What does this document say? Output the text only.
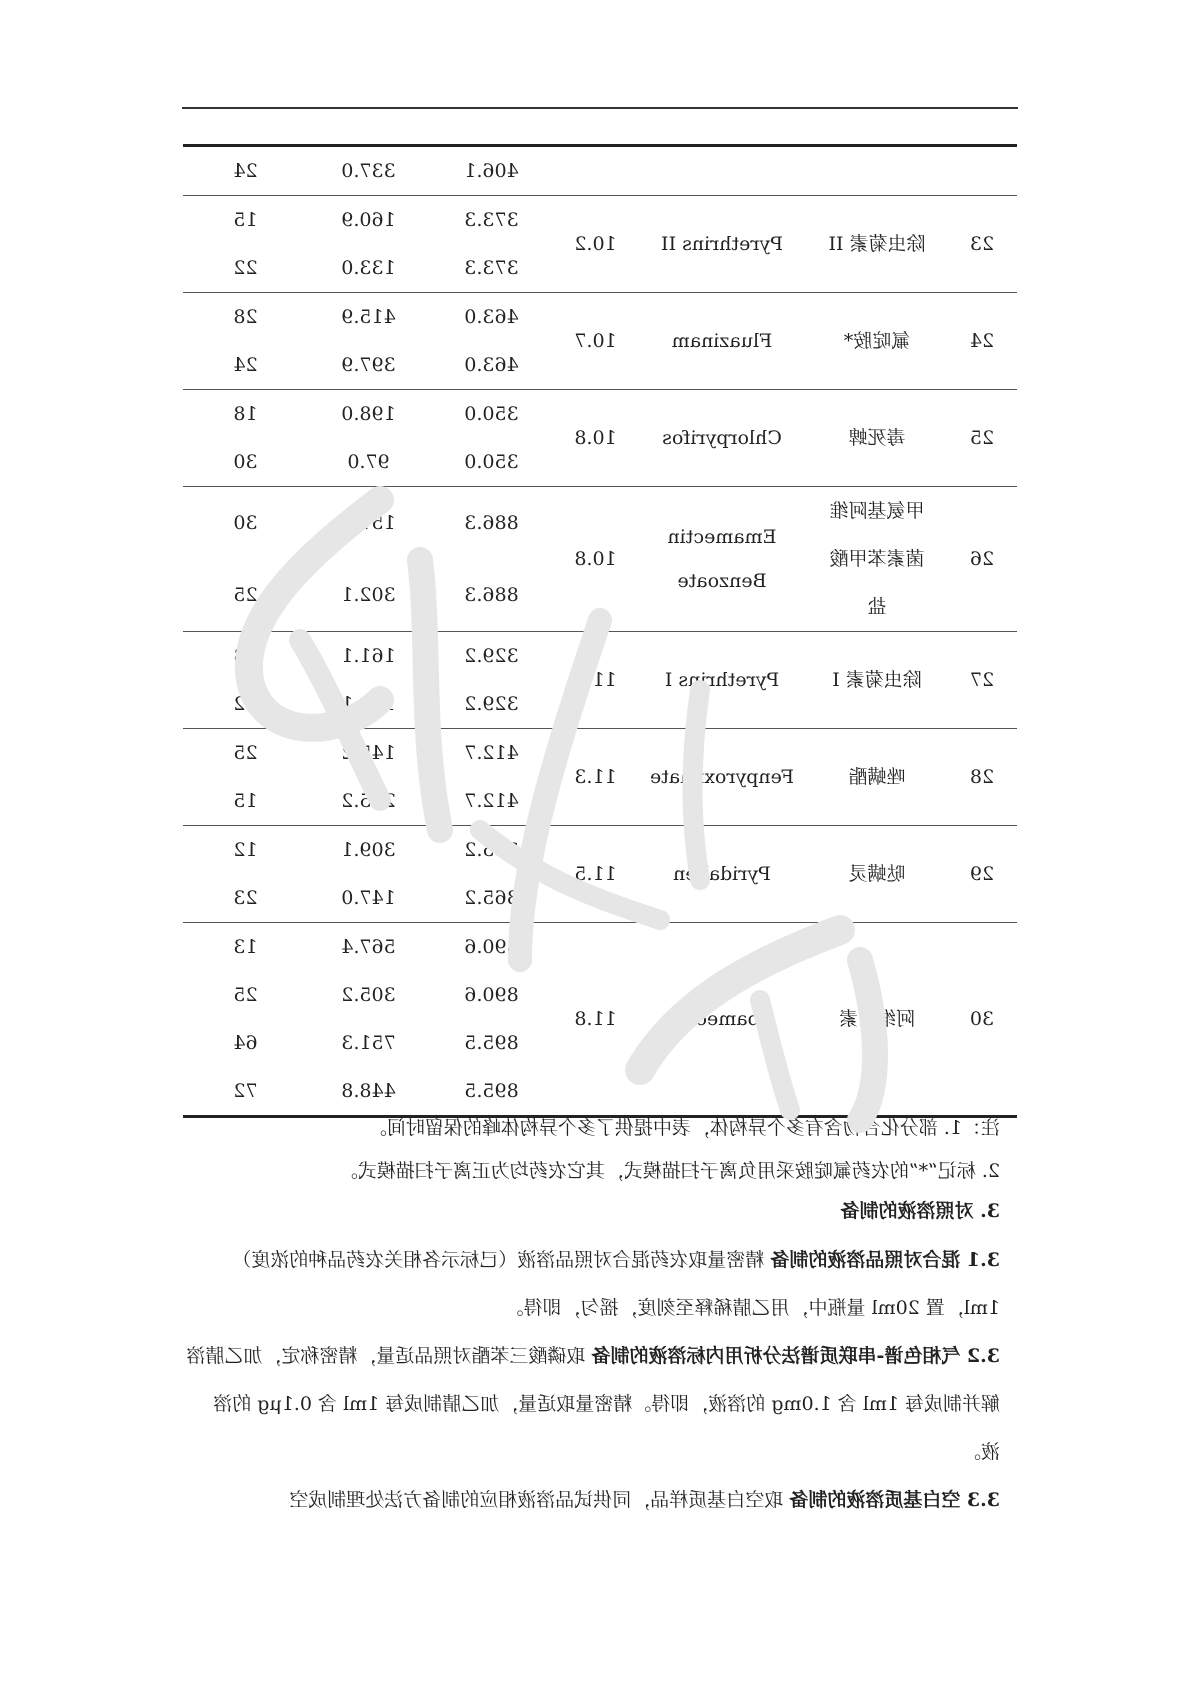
406.1
337.0
24
23
除虫菊素 II
Pyrethrins II
10.2
373.3
160.9
15
373.3
133.0
22
24
氟啶胺*
Fluazinam
10.7
463.0
415.9
28
463.0
397.9
24
25
毒死蜱
Chlorpyrifos
10.8
350.0
198.0
18
350.0
97.0
30
26
甲氨基阿维
菌素苯甲酸
盐
Emamectin
Benzoate
10.8
886.3
157.8
30
886.3
302.1
25
27
除虫菊素 I
Pyrethrins I
11.2
329.2
161.1
13
329.2
133.1
22
28
唑螨酯
Fenpyroximate
11.3
412.7
145.2
25
412.7
205.2
15
29
哒螨灵
Pyridaben
11.5
365.2
309.1
12
365.2
147.0
23
30
阿维菌素
Abamectin
11.8
890.6
567.4
13
890.6
305.2
25
895.5
751.3
64
895.5
448.8
72
注：1. 部分化合物含有多个异构体，表中提供了多个异构体峰的保留时间。
2. 标记“*”的农药氟啶胺采用负离子扫描模式，其它农药均为正离子扫描模式。
3. 对照溶液的制备
3.1 混合对照品溶液的制备 精密量取农药混合对照品溶液（已标示各相关农药品种的浓度）1ml，置 20ml 量瓶中，用乙腈稀释至刻度，摇匀，即得。
3.2 气相色谱-串联质谱法分析用内标溶液的制备 取磷酸三苯酯对照品适量，精密称定，加乙腈溶解并制成每 1ml 含 1.0mg 的溶液，即得。精密量取适量，加乙腈制成每 1ml 含 0.1μg 的溶液。
3.3 空白基质溶液的制备 取空白基质样品，同供试品溶液相应的制备方法处理制成空
